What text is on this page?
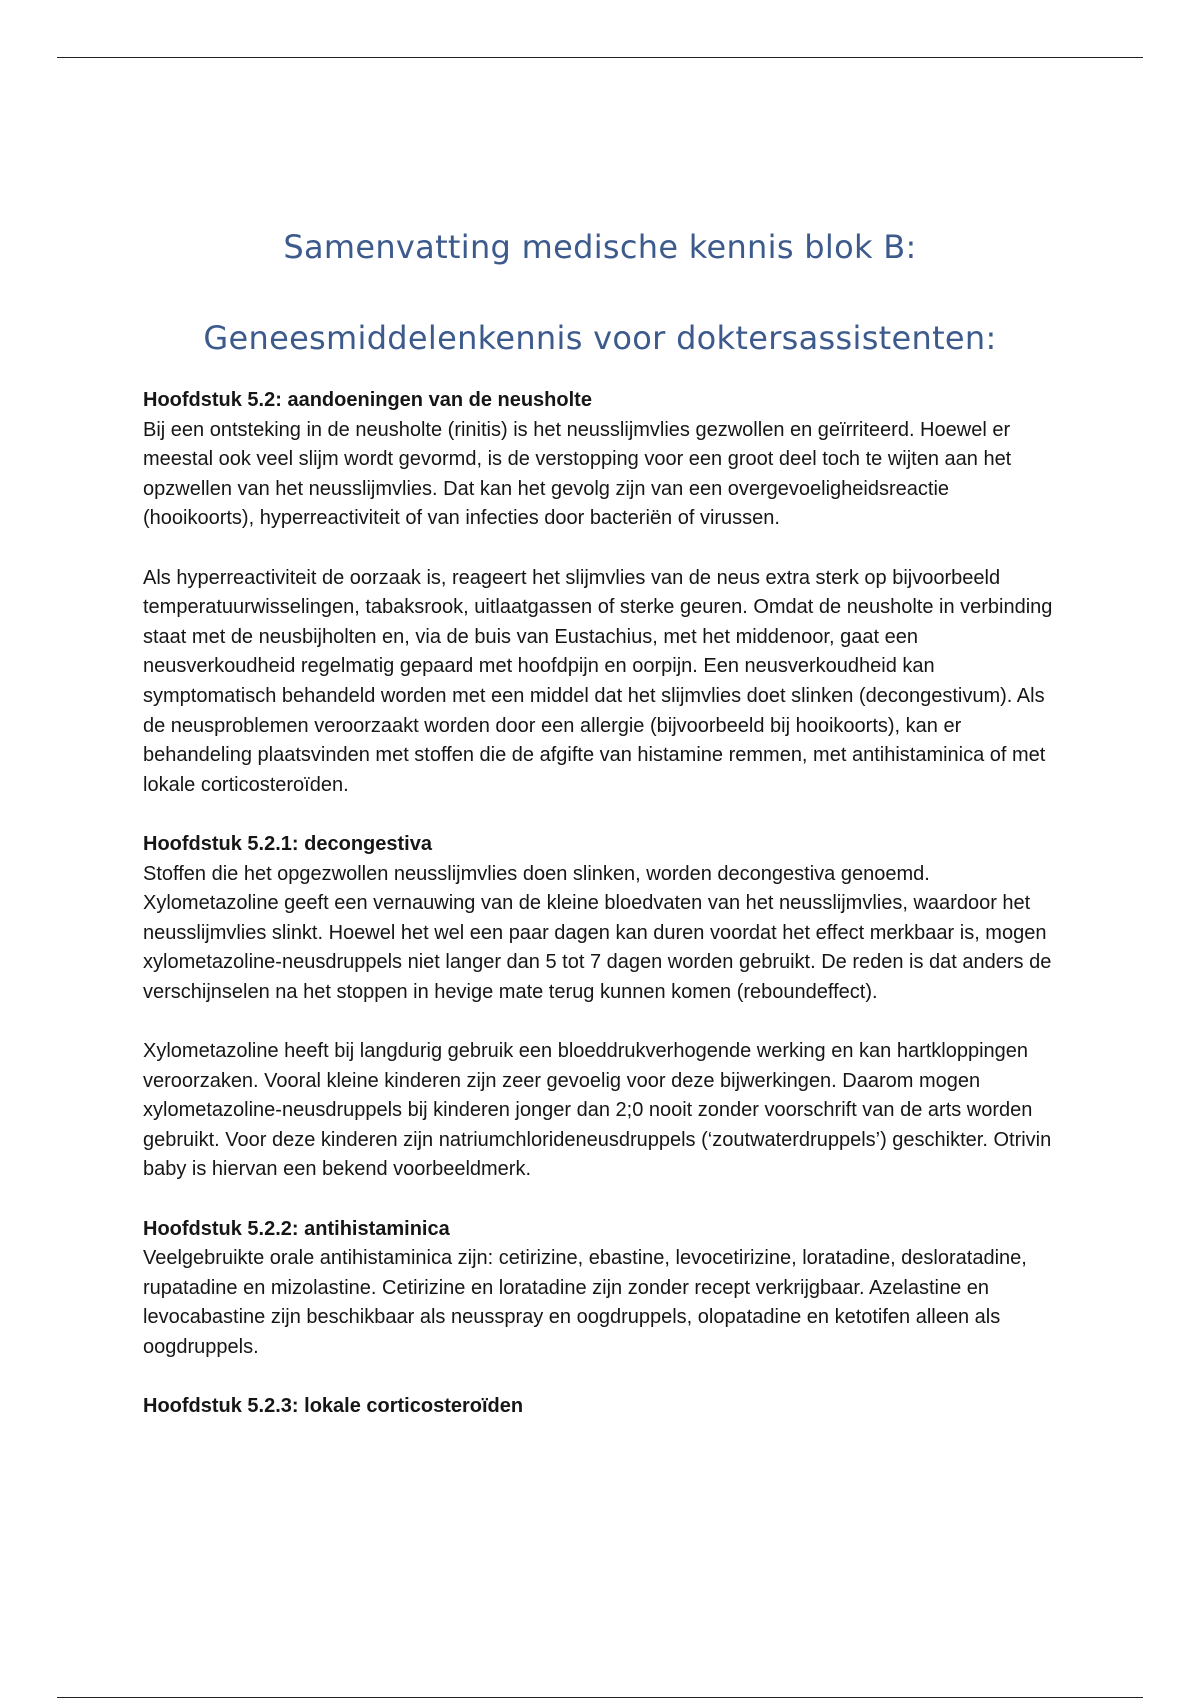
Samenvatting medische kennis blok B:
Geneesmiddelenkennis voor doktersassistenten:

Hoofdstuk 5.2: aandoeningen van de neusholte

Bij een ontsteking in de neusholte (rinitis) is het neusslijmvlies gezwollen en geïrriteerd. Hoewel er meestal ook veel slijm wordt gevormd, is de verstopping voor een groot deel toch te wijten aan het opzwellen van het neusslijmvlies. Dat kan het gevolg zijn van een overgevoeligheidsreactie (hooikoorts), hyperreactiviteit of van infecties door bacteriën of virussen.

Als hyperreactiviteit de oorzaak is, reageert het slijmvlies van de neus extra sterk op bijvoorbeeld temperatuurwisselingen, tabaksrook, uitlaatgassen of sterke geuren. Omdat de neusholte in verbinding staat met de neusbijholten en, via de buis van Eustachius, met het middenoor, gaat een neusverkoudheid regelmatig gepaard met hoofdpijn en oorpijn. Een neusverkoudheid kan symptomatisch behandeld worden met een middel dat het slijmvlies doet slinken (decongestivum). Als de neusproblemen veroorzaakt worden door een allergie (bijvoorbeeld bij hooikoorts), kan er behandeling plaatsvinden met stoffen die de afgifte van histamine remmen, met antihistaminica of met lokale corticosteroïden.

Hoofdstuk 5.2.1: decongestiva

Stoffen die het opgezwollen neusslijmvlies doen slinken, worden decongestiva genoemd. Xylometazoline geeft een vernauwing van de kleine bloedvaten van het neusslijmvlies, waardoor het neusslijmvlies slinkt. Hoewel het wel een paar dagen kan duren voordat het effect merkbaar is, mogen xylometazoline-neusdruppels niet langer dan 5 tot 7 dagen worden gebruikt. De reden is dat anders de verschijnselen na het stoppen in hevige mate terug kunnen komen (reboundeffect).

Xylometazoline heeft bij langdurig gebruik een bloeddrukverhogende werking en kan hartkloppingen veroorzaken. Vooral kleine kinderen zijn zeer gevoelig voor deze bijwerkingen. Daarom mogen xylometazoline-neusdruppels bij kinderen jonger dan 2;0 nooit zonder voorschrift van de arts worden gebruikt. Voor deze kinderen zijn natriumchlorideneusdruppels (‘zoutwaterdruppels’) geschikter. Otrivin baby is hiervan een bekend voorbeeldmerk.

Hoofdstuk 5.2.2: antihistaminica

Veelgebruikte orale antihistaminica zijn: cetirizine, ebastine, levocetirizine, loratadine, desloratadine, rupatadine en mizolastine. Cetirizine en loratadine zijn zonder recept verkrijgbaar. Azelastine en levocabastine zijn beschikbaar als neusspray en oogdruppels, olopatadine en ketotifen alleen als oogdruppels.

Hoofdstuk 5.2.3: lokale corticosteroïden
